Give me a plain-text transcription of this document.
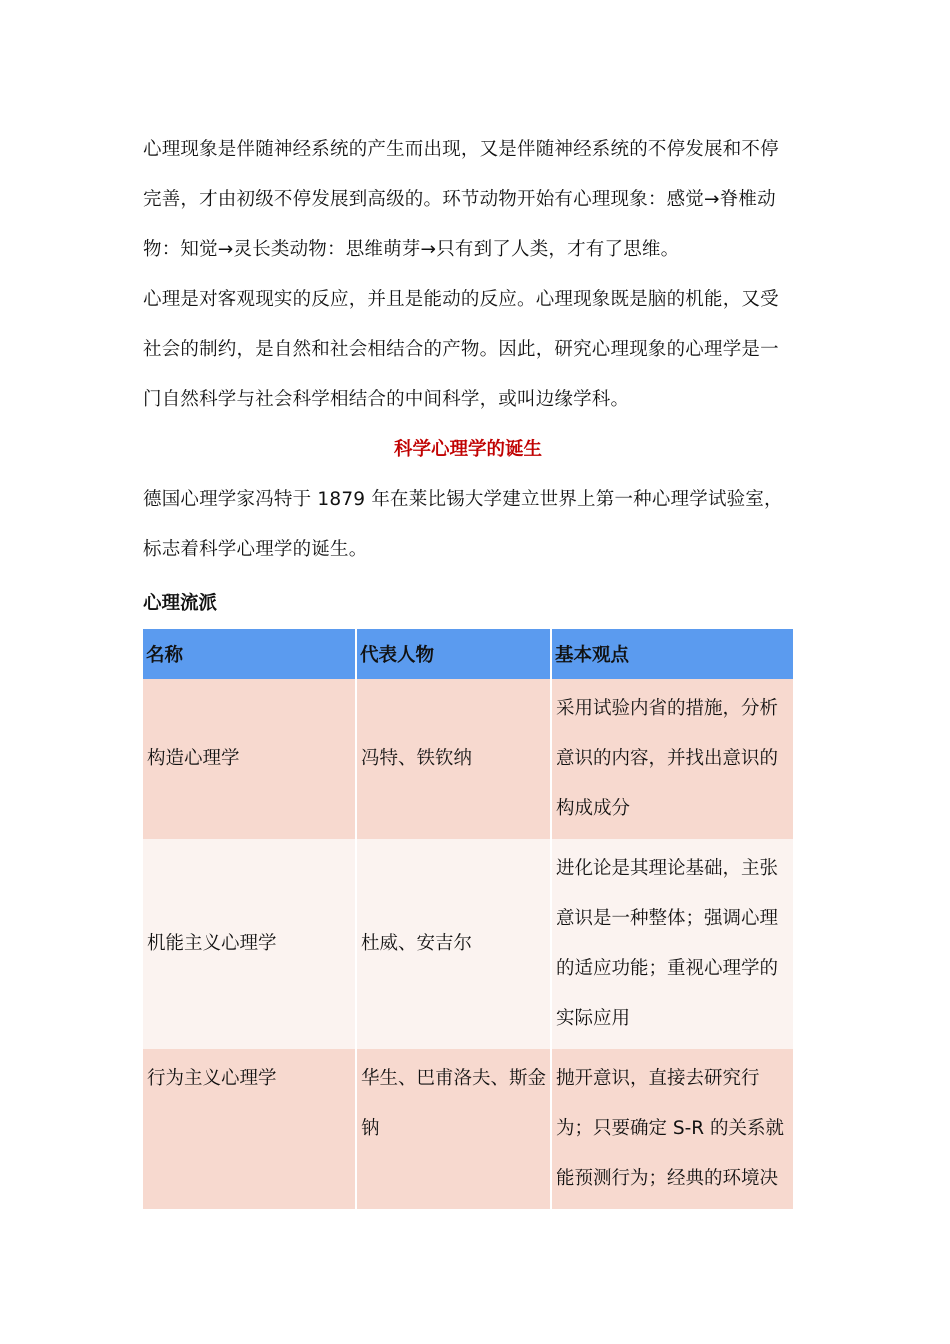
心理现象是伴随神经系统的产生而出现，又是伴随神经系统的不停发展和不停完善，才由初级不停发展到高级的。环节动物开始有心理现象：感觉→脊椎动物：知觉→灵长类动物：思维萌芽→只有到了人类，才有了思维。

心理是对客观现实的反应，并且是能动的反应。心理现象既是脑的机能，又受社会的制约，是自然和社会相结合的产物。因此，研究心理现象的心理学是一门自然科学与社会科学相结合的中间科学，或叫边缘学科。

科学心理学的诞生

德国心理学家冯特于 1879 年在莱比锡大学建立世界上第一种心理学试验室，标志着科学心理学的诞生。

心理流派

名称	代表人物	基本观点
构造心理学	冯特、铁钦纳	采用试验内省的措施，分析意识的内容，并找出意识的构成成分
机能主义心理学	杜威、安吉尔	进化论是其理论基础，主张意识是一种整体；强调心理的适应功能；重视心理学的实际应用
行为主义心理学	华生、巴甫洛夫、斯金钠	抛开意识，直接去研究行为；只要确定 S-R 的关系就能预测行为；经典的环境决
